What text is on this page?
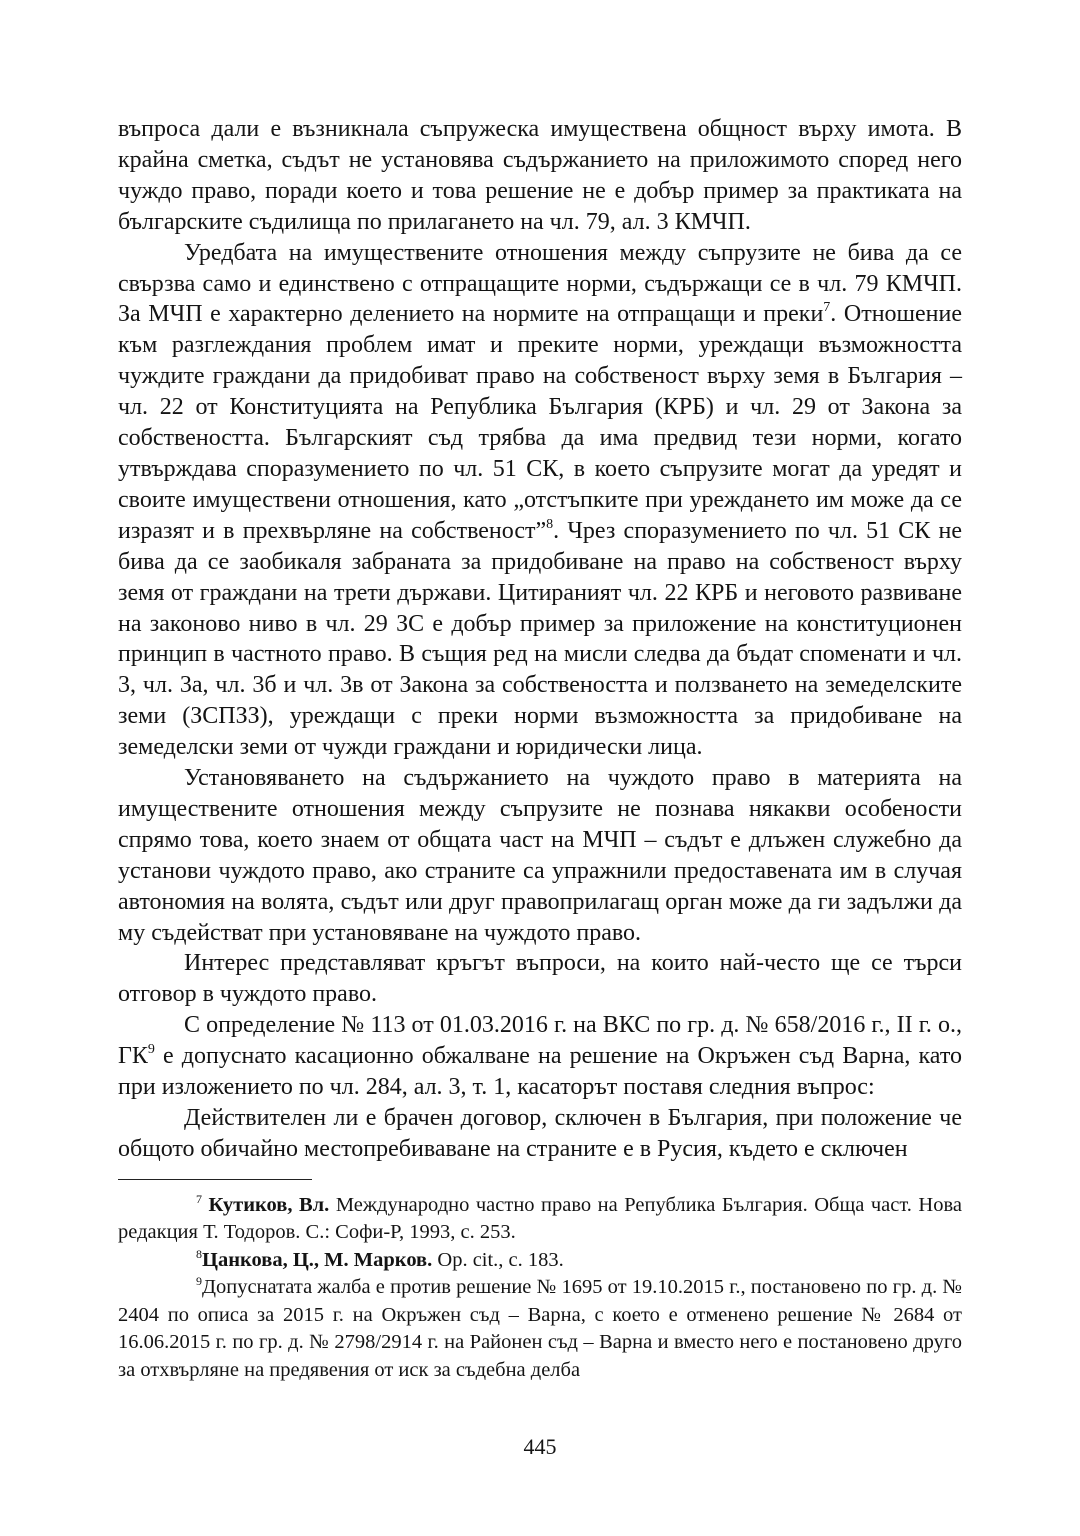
въпроса дали е възникнала съпружеска имуществена общност върху имота. В крайна сметка, съдът не установява съдържанието на приложимото според него чуждо право, поради което и това решение не е добър пример за практиката на българските съдилища по прилагането на чл. 79, ал. 3 КМЧП.

Уредбата на имуществените отношения между съпрузите не бива да се свързва само и единствено с отпращащите норми, съдържащи се в чл. 79 КМЧП. За МЧП е характерно делението на нормите на отпращащи и преки$^7$. Отношение към разглеждания проблем имат и преките норми, уреждащи възможността чуждите граждани да придобиват право на собственост върху земя в България – чл. 22 от Конституцията на Република България (КРБ) и чл. 29 от Закона за собствеността. Българският съд трябва да има предвид тези норми, когато утвърждава споразумението по чл. 51 СК, в което съпрузите могат да уредят и своите имуществени отношения, като „отстъпките при уреждането им може да се изразят и в прехвърляне на собственост”$^8$. Чрез споразумението по чл. 51 СК не бива да се заобикаля забраната за придобиване на право на собственост върху земя от граждани на трети държави. Цитираният чл. 22 КРБ и неговото развиване на законово ниво в чл. 29 ЗС е добър пример за приложение на конституционен принцип в частното право. В същия ред на мисли следва да бъдат споменати и чл. 3, чл. 3а, чл. 3б и чл. 3в от Закона за собствеността и ползването на земеделските земи (ЗСПЗЗ), уреждащи с преки норми възможността за придобиване на земеделски земи от чужди граждани и юридически лица.

Установяването на съдържанието на чуждото право в материята на имуществените отношения между съпрузите не познава някакви особености спрямо това, което знаем от общата част на МЧП – съдът е длъжен служебно да установи чуждото право, ако страните са упражнили предоставената им в случая автономия на волята, съдът или друг правоприлагащ орган може да ги задължи да му съдействат при установяване на чуждото право.

Интерес представляват кръгът въпроси, на които най-често ще се търси отговор в чуждото право.

С определение № 113 от 01.03.2016 г. на ВКС по гр. д. № 658/2016 г., II г. о., $ГК^9$ е допуснато касационно обжалване на решение на Окръжен съд Варна, като при изложението по чл. 284, ал. 3, т. 1, касаторът поставя следния въпрос:

Действителен ли е брачен договор, сключен в България, при положение че общото обичайно местопребиваване на страните е в Русия, където е сключен

$^7$ Кутиков, Вл. Международно частно право на Република България. Обща част. Нова редакция Т. Тодоров. С.: Софи-Р, 1993, с. 253.

$^8$Цанкова, Ц., М. Марков. Op. cit., с. 183.

$^9$Допуснатата жалба е против решение № 1695 от 19.10.2015 г., постановено по гр. д. № 2404 по описа за 2015 г. на Окръжен съд – Варна, с което е отменено решение № 2684 от 16.06.2015 г. по гр. д. № 2798/2914 г. на Районен съд – Варна и вместо него е постановено друго за отхвърляне на предявения от иск за съдебна делба

445
